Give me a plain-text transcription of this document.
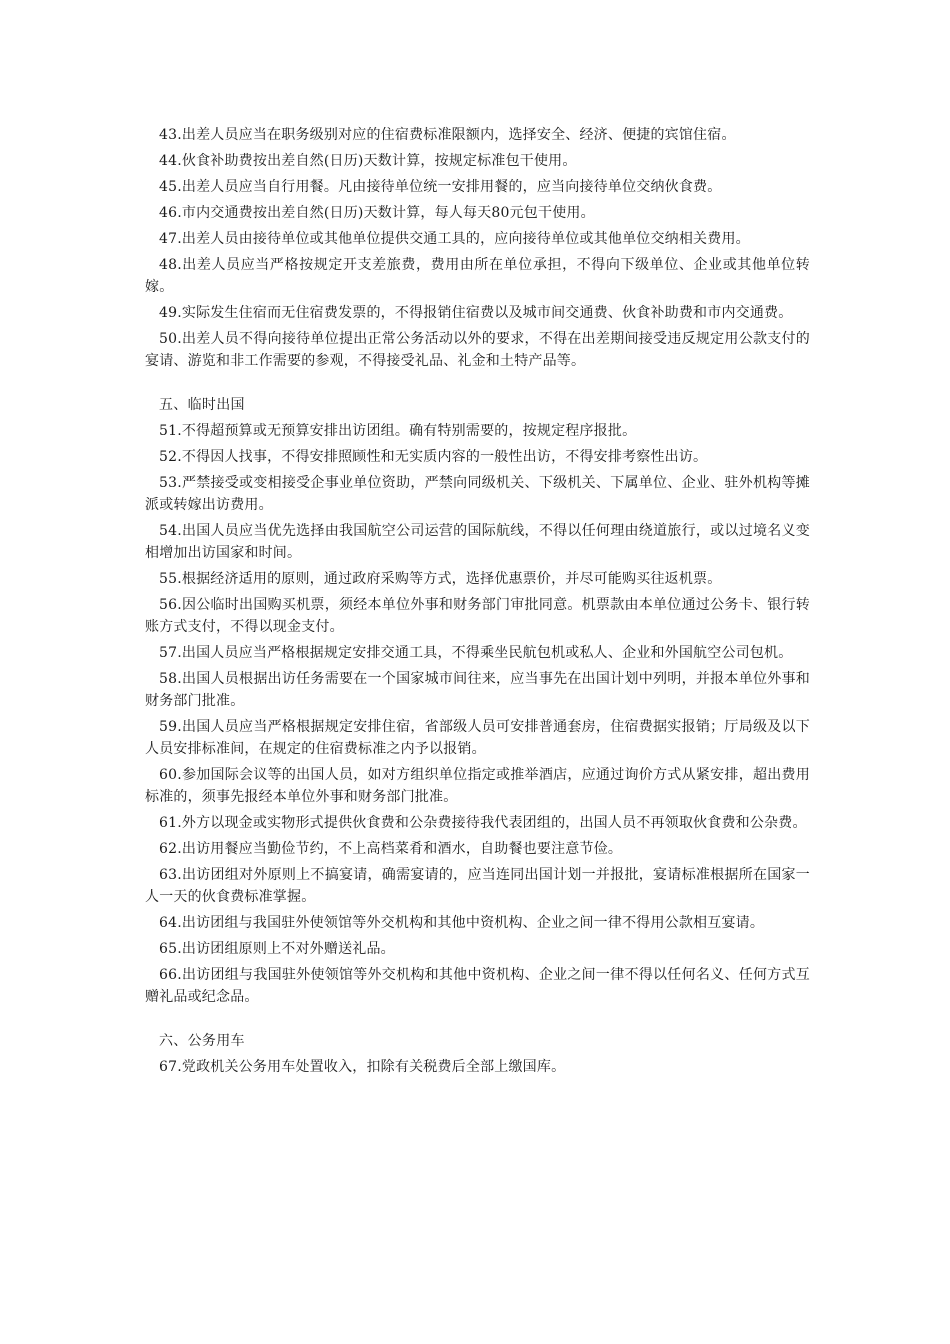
43.出差人员应当在职务级别对应的住宿费标准限额内，选择安全、经济、便捷的宾馆住宿。

44.伙食补助费按出差自然(日历)天数计算，按规定标准包干使用。

45.出差人员应当自行用餐。凡由接待单位统一安排用餐的，应当向接待单位交纳伙食费。

46.市内交通费按出差自然(日历)天数计算，每人每天80元包干使用。

47.出差人员由接待单位或其他单位提供交通工具的，应向接待单位或其他单位交纳相关费用。

48.出差人员应当严格按规定开支差旅费，费用由所在单位承担，不得向下级单位、企业或其他单位转嫁。

49.实际发生住宿而无住宿费发票的，不得报销住宿费以及城市间交通费、伙食补助费和市内交通费。

50.出差人员不得向接待单位提出正常公务活动以外的要求，不得在出差期间接受违反规定用公款支付的宴请、游览和非工作需要的参观，不得接受礼品、礼金和土特产品等。

五、临时出国

51.不得超预算或无预算安排出访团组。确有特别需要的，按规定程序报批。

52.不得因人找事，不得安排照顾性和无实质内容的一般性出访，不得安排考察性出访。

53.严禁接受或变相接受企事业单位资助，严禁向同级机关、下级机关、下属单位、企业、驻外机构等摊派或转嫁出访费用。

54.出国人员应当优先选择由我国航空公司运营的国际航线，不得以任何理由绕道旅行，或以过境名义变相增加出访国家和时间。

55.根据经济适用的原则，通过政府采购等方式，选择优惠票价，并尽可能购买往返机票。

56.因公临时出国购买机票，须经本单位外事和财务部门审批同意。机票款由本单位通过公务卡、银行转账方式支付，不得以现金支付。

57.出国人员应当严格根据规定安排交通工具，不得乘坐民航包机或私人、企业和外国航空公司包机。

58.出国人员根据出访任务需要在一个国家城市间往来，应当事先在出国计划中列明，并报本单位外事和财务部门批准。

59.出国人员应当严格根据规定安排住宿，省部级人员可安排普通套房，住宿费据实报销；厅局级及以下人员安排标准间，在规定的住宿费标准之内予以报销。

60.参加国际会议等的出国人员，如对方组织单位指定或推举酒店，应通过询价方式从紧安排，超出费用标准的，须事先报经本单位外事和财务部门批准。

61.外方以现金或实物形式提供伙食费和公杂费接待我代表团组的，出国人员不再领取伙食费和公杂费。

62.出访用餐应当勤俭节约，不上高档菜肴和酒水，自助餐也要注意节俭。

63.出访团组对外原则上不搞宴请，确需宴请的，应当连同出国计划一并报批，宴请标准根据所在国家一人一天的伙食费标准掌握。

64.出访团组与我国驻外使领馆等外交机构和其他中资机构、企业之间一律不得用公款相互宴请。

65.出访团组原则上不对外赠送礼品。

66.出访团组与我国驻外使领馆等外交机构和其他中资机构、企业之间一律不得以任何名义、任何方式互赠礼品或纪念品。

六、公务用车

67.党政机关公务用车处置收入，扣除有关税费后全部上缴国库。
